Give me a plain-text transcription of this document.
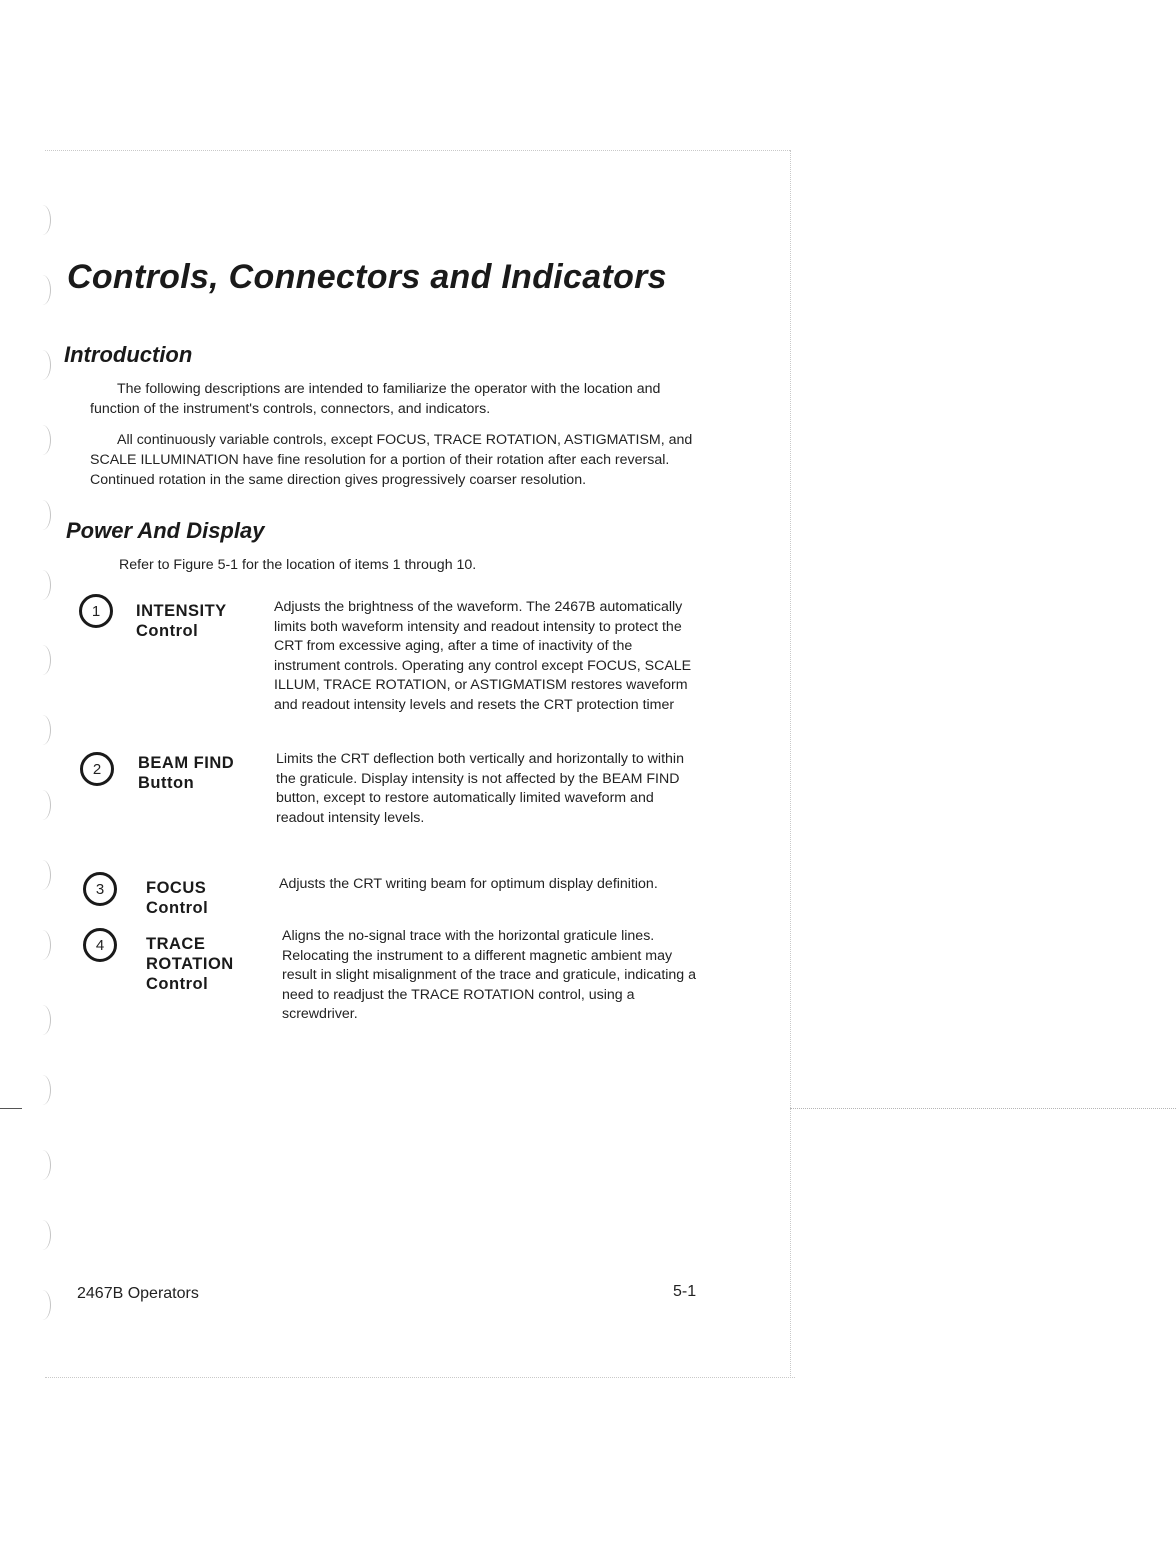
Controls, Connectors and Indicators
Introduction

The following descriptions are intended to familiarize the operator with the location and function of the instrument's controls, connectors, and indicators.

All continuously variable controls, except FOCUS, TRACE ROTATION, ASTIGMATISM, and SCALE ILLUMINATION have fine resolution for a portion of their rotation after each reversal. Continued rotation in the same direction gives progressively coarser resolution.

Power And Display

Refer to Figure 5-1 for the location of items 1 through 10.

1 INTENSITY
Control

Adjusts the brightness of the waveform. The 2467B automatically limits both waveform intensity and readout intensity to protect the CRT from excessive aging, after a time of inactivity of the instrument controls. Operating any control except FOCUS, SCALE ILLUM, TRACE ROTATION, or ASTIGMATISM restores waveform and readout intensity levels and resets the CRT protection timer

2 BEAM FIND
Button

Limits the CRT deflection both vertically and horizontally to within the graticule. Display intensity is not affected by the BEAM FIND button, except to restore automatically limited waveform and readout intensity levels.

3	FOCUS
Control

Adjusts the CRT writing beam for optimum display definition.

4	TRACE
ROTATION
Control

Aligns the no-signal trace with the horizontal graticule lines. Relocating the instrument to a different magnetic ambient may result in slight misalignment of the trace and graticule, indicating a need to readjust the TRACE ROTATION control, using a screwdriver.

2467B Operators	5-1
